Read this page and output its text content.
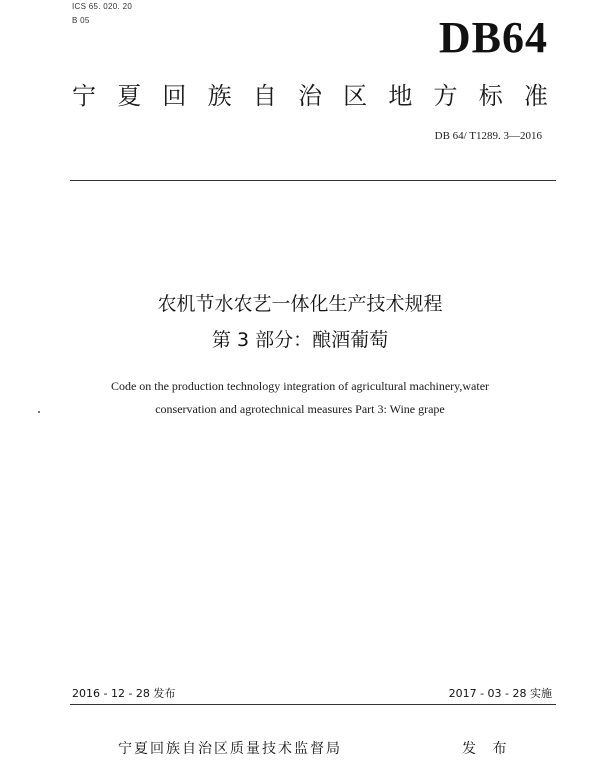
ICS 65. 020. 20
B 05	DB64
宁 夏 回 族 自 治 区 地 方 标 准
DB 64/ T1289. 3—2016
农机节水农艺一体化生产技术规程
第 3 部分：酿酒葡萄
Code on the production technology integration of agricultural machinery,water
conservation and agrotechnical measures Part 3: Wine grape
2016 - 12 - 28 发布	2017 - 03 - 28 实施
宁夏回族自治区质量技术监督局	发 布
